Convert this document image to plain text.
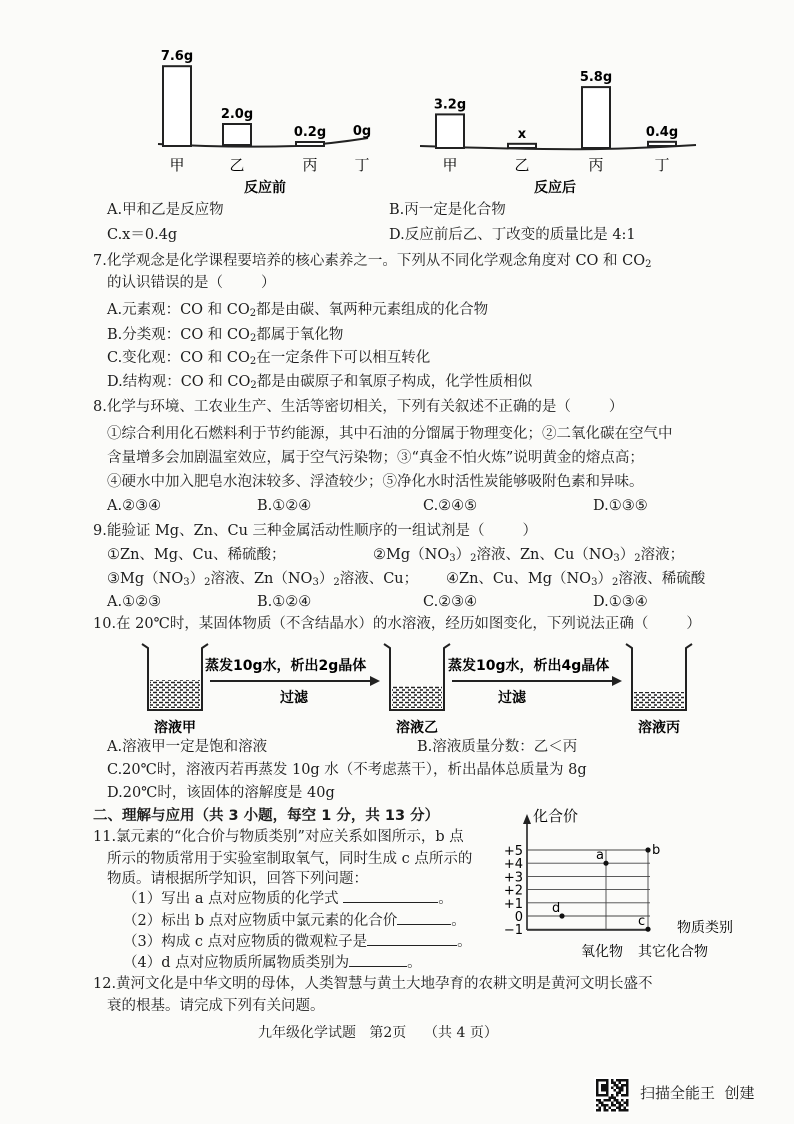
7.6g
甲
2.0g
乙
0.2g
丙
0g
丁
反应前
3.2g
甲
x
乙
5.8g
丙
0.4g
丁
反应后
A.甲和乙是反应物	B.丙一定是化合物
C.x＝0.4g	D.反应前后乙、丁改变的质量比是 4:1
7.化学观念是化学课程要培养的核心素养之一。下列从不同化学观念角度对 CO 和 CO2
的认识错误的是（	）
A.元素观：CO 和 CO2都是由碳、氧两种元素组成的化合物
B.分类观：CO 和 CO2都属于氧化物
C.变化观：CO 和 CO2在一定条件下可以相互转化
D.结构观：CO 和 CO2都是由碳原子和氧原子构成，化学性质相似
8.化学与环境、工农业生产、生活等密切相关，下列有关叙述不正确的是（	）
①综合利用化石燃料利于节约能源，其中石油的分馏属于物理变化；②二氧化碳在空气中
含量增多会加剧温室效应，属于空气污染物；③“真金不怕火炼”说明黄金的熔点高；
④硬水中加入肥皂水泡沫较多、浮渣较少；⑤净化水时活性炭能够吸附色素和异味。
A.②③④	B.①②④	C.②④⑤	D.①③⑤
9.能验证 Mg、Zn、Cu 三种金属活动性顺序的一组试剂是（	）
①Zn、Mg、Cu、稀硫酸；	②Mg（NO3）2溶液、Zn、Cu（NO3）2溶液；
③Mg（NO3）2溶液、Zn（NO3）2溶液、Cu； ④Zn、Cu、Mg（NO3）2溶液、稀硫酸
A.①②③	B.①②④	C.②③④	D.①③④
10.在 20℃时，某固体物质（不含结晶水）的水溶液，经历如图变化，下列说法正确（	）
蒸发10g水，析出2g晶体
过滤
蒸发10g水，析出4g晶体
过滤
溶液甲	溶液乙	溶液丙
A.溶液甲一定是饱和溶液	B.溶液质量分数：乙＜丙
C.20℃时，溶液丙若再蒸发 10g 水（不考虑蒸干），析出晶体总质量为 8g
D.20℃时，该固体的溶解度是 40g
二、理解与应用（共 3 小题，每空 1 分，共 13 分）
11.氯元素的“化合价与物质类别”对应关系如图所示，b 点
所示的物质常用于实验室制取氧气，同时生成 c 点所示的
物质。请根据所学知识，回答下列问题：
（1）写出 a 点对应物质的化学式	。
（2）标出 b 点对应物质中氯元素的化合价	。
（3）构成 c 点对应物质的微观粒子是	。
（4）d 点对应物质所属物质类别为	。
化合价
+5
+4
+3
+2
+1
0
−1
a	b
c
d
物质类别
氧化物 其它化合物
12.黄河文化是中华文明的母体，人类智慧与黄土大地孕育的农耕文明是黄河文明长盛不
衰的根基。请完成下列有关问题。
九年级化学试题   第2页    （共 4 页）
扫描全能王  创建
